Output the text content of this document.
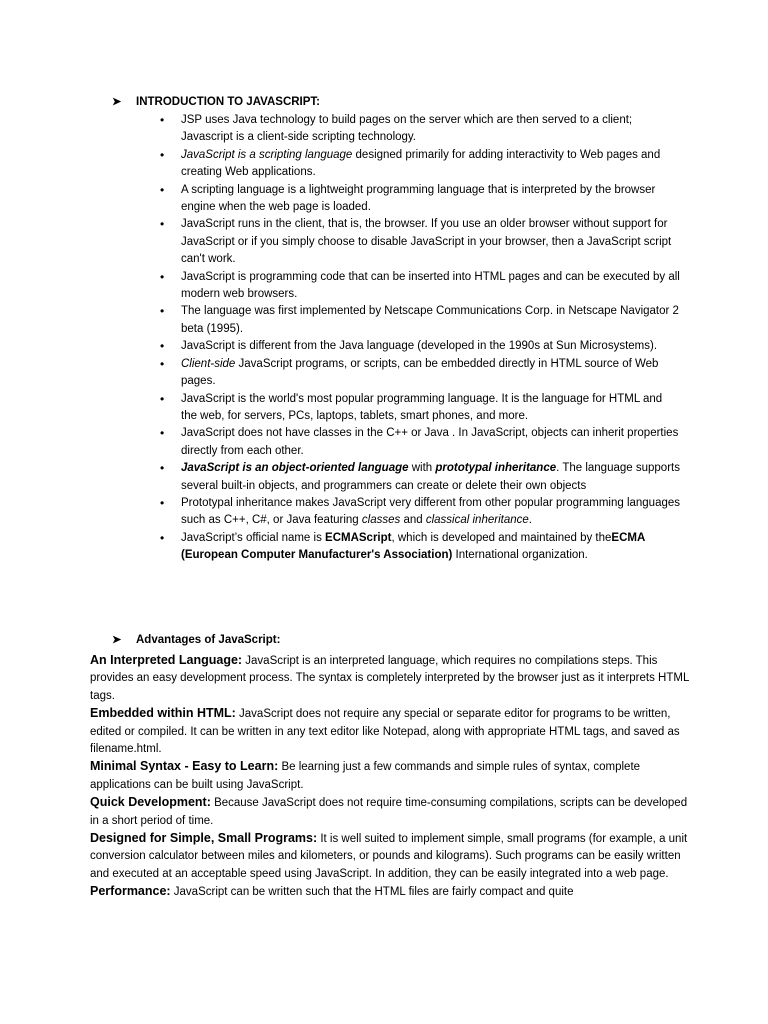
➤ INTRODUCTION TO JAVASCRIPT:
• JSP uses Java technology to build pages on the server which are then served to a client; Javascript is a client-side scripting technology.
• JavaScript is a scripting language designed primarily for adding interactivity to Web pages and creating Web applications.
• A scripting language is a lightweight programming language that is interpreted by the browser engine when the web page is loaded.
• JavaScript runs in the client, that is, the browser. If you use an older browser without support for JavaScript or if you simply choose to disable JavaScript in your browser, then a JavaScript script can't work.
• JavaScript is programming code that can be inserted into HTML pages and can be executed by all modern web browsers.
• The language was first implemented by Netscape Communications Corp. in Netscape Navigator 2 beta (1995).
• JavaScript is different from the Java language (developed in the 1990s at Sun Microsystems).
• Client-side JavaScript programs, or scripts, can be embedded directly in HTML source of Web pages.
• JavaScript is the world's most popular programming language. It is the language for HTML and the web, for servers, PCs, laptops, tablets, smart phones, and more.
• JavaScript does not have classes in the C++ or Java . In JavaScript, objects can inherit properties directly from each other.
• JavaScript is an object-oriented language with prototypal inheritance. The language supports several built-in objects, and programmers can create or delete their own objects
• Prototypal inheritance makes JavaScript very different from other popular programming languages such as C++, C#, or Java featuring classes and classical inheritance.
• JavaScript’s official name is ECMAScript, which is developed and maintained by theECMA (European Computer Manufacturer's Association) International organization.
➤ Advantages of JavaScript:

An Interpreted Language: JavaScript is an interpreted language, which requires no compilations steps. This provides an easy development process. The syntax is completely interpreted by the browser just as it interprets HTML tags.

Embedded within HTML: JavaScript does not require any special or separate editor for programs to be written, edited or compiled. It can be written in any text editor like Notepad, along with appropriate HTML tags, and saved as filename.html.

Minimal Syntax - Easy to Learn: Be learning just a few commands and simple rules of syntax, complete applications can be built using JavaScript.

Quick Development: Because JavaScript does not require time-consuming compilations, scripts can be developed in a short period of time.

Designed for Simple, Small Programs: It is well suited to implement simple, small programs (for example, a unit conversion calculator between miles and kilometers, or pounds and kilograms). Such programs can be easily written and executed at an acceptable speed using JavaScript. In addition, they can be easily integrated into a web page.

Performance: JavaScript can be written such that the HTML files are fairly compact and quite
